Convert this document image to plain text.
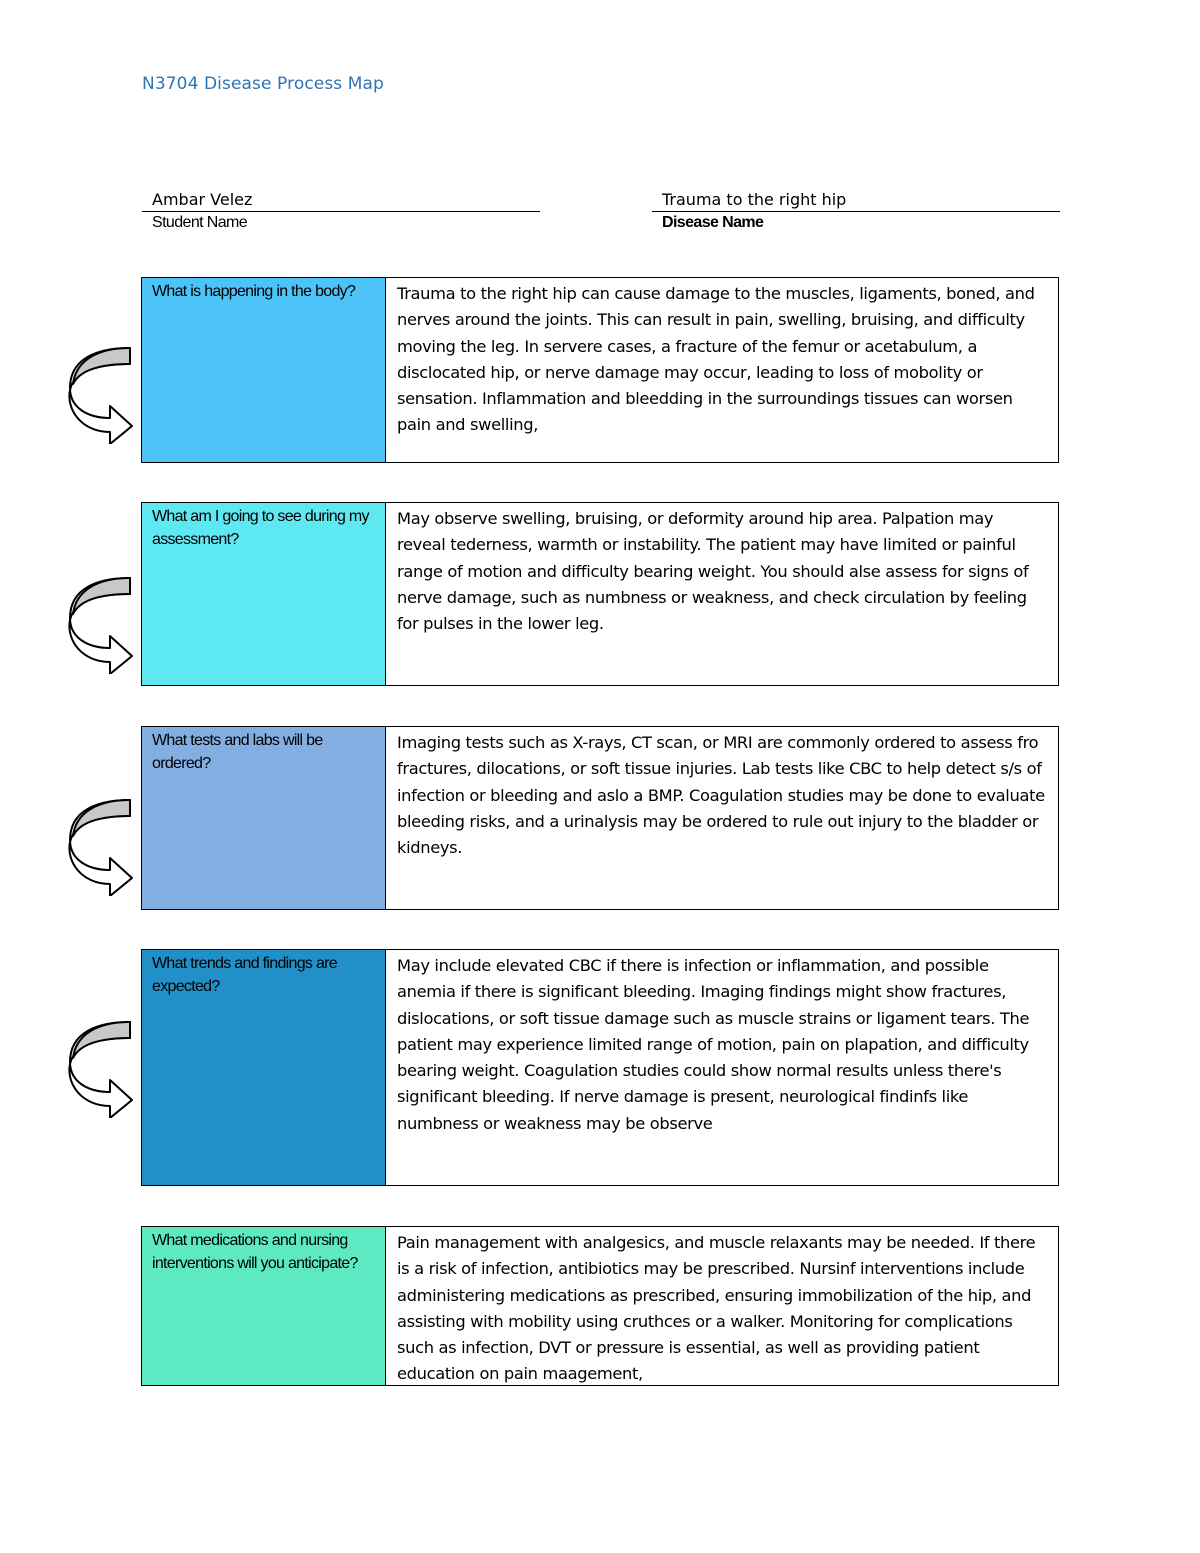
N3704 Disease Process Map
Ambar Velez
Student Name
Trauma to the right hip
Disease Name
What is happening in the body?	Trauma to the right hip can cause damage to the muscles, ligaments, boned, and nerves around the joints. This can result in pain, swelling, bruising, and difficulty moving the leg. In servere cases, a fracture of the femur or acetabulum, a disclocated hip, or nerve damage may occur, leading to loss of mobolity or sensation. Inflammation and bleedding in the surroundings tissues can worsen pain and swelling,
What am I going to see during my assessment?
May observe swelling, bruising, or deformity around hip area. Palpation may reveal tederness, warmth or instability. The patient may have limited or painful range of motion and difficulty bearing weight. You should alse assess for signs of nerve damage, such as numbness or weakness, and check circulation by feeling for pulses in the lower leg.
What tests and labs will be ordered?
Imaging tests such as X-rays, CT scan, or MRI are commonly ordered to assess fro fractures, dilocations, or soft tissue injuries. Lab tests like CBC to help detect s/s of infection or bleeding and aslo a BMP. Coagulation studies may be done to evaluate bleeding risks, and a urinalysis may be ordered to rule out injury to the bladder or kidneys.
What trends and findings are expected?
May include elevated CBC if there is infection or inflammation, and possible anemia if there is significant bleeding. Imaging findings might show fractures, dislocations, or soft tissue damage such as muscle strains or ligament tears. The patient may experience limited range of motion, pain on plapation, and difficulty bearing weight. Coagulation studies could show normal results unless there's significant bleeding. If nerve damage is present, neurological findinfs like numbness or weakness may be observe
What medications and nursing interventions will you anticipate?
Pain management with analgesics, and muscle relaxants may be needed. If there is a risk of infection, antibiotics may be prescribed. Nursinf interventions include administering medications as prescribed, ensuring immobilization of the hip, and assisting with mobility using cruthces or a walker. Monitoring for complications such as infection, DVT or pressure is essential, as well as providing patient education on pain maagement,
